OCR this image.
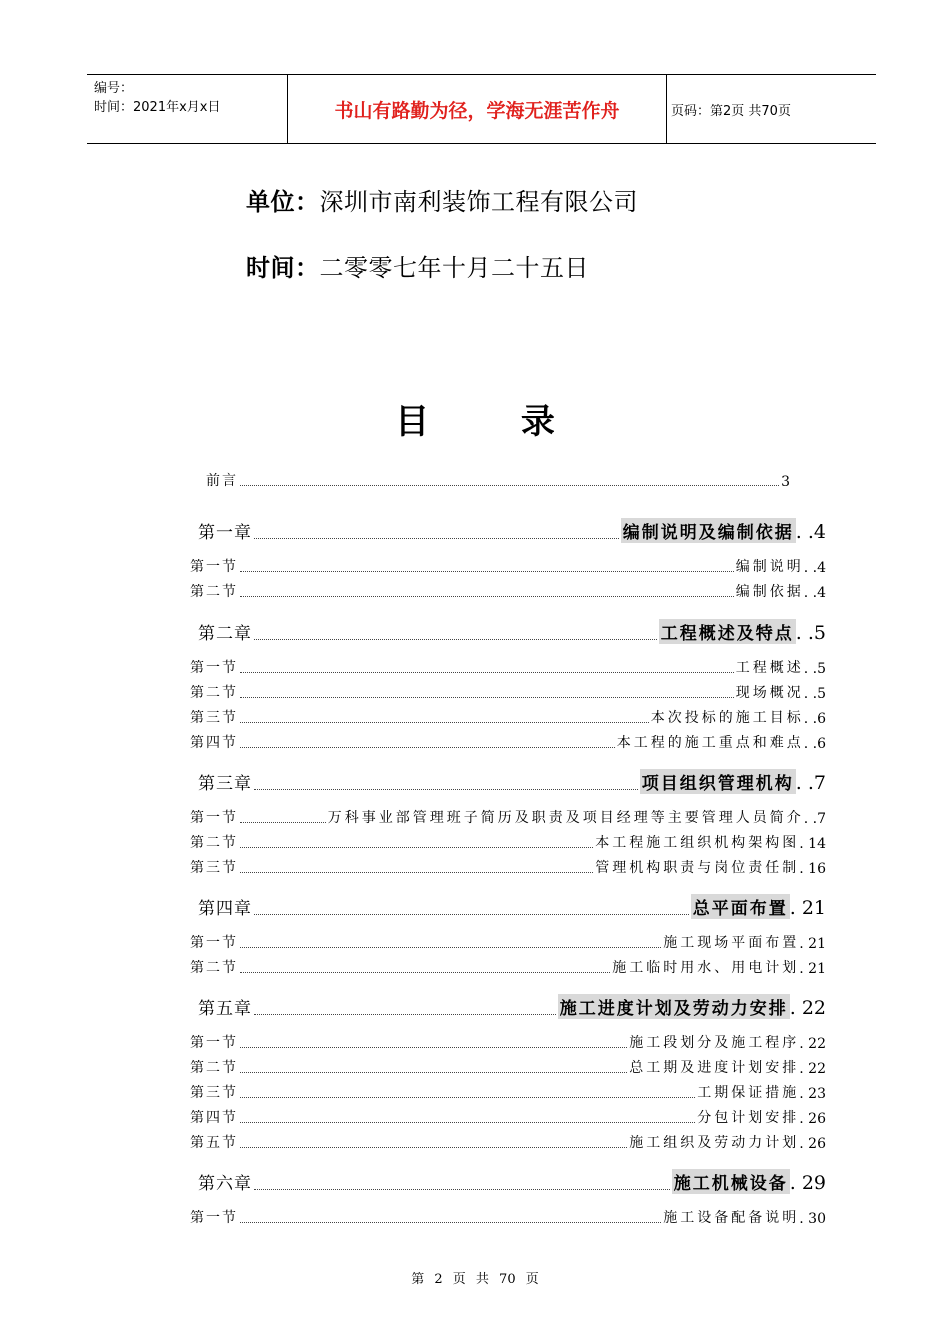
编号：
时间：2021年x月x日	书山有路勤为径，学海无涯苦作舟	页码：第2页 共70页
单位：深圳市南利装饰工程有限公司
时间：二零零七年十月二十五日
目 录
前言	3
第一章	编制说明及编制依据 . .4
第一节	编制说明 . .4
第二节	编制依据 . .4
第二章	工程概述及特点 . .5
第一节	工程概述 . .5
第二节	现场概况 . .5
第三节	本次投标的施工目标 . .6
第四节	本工程的施工重点和难点 . .6
第三章	项目组织管理机构 . .7
第一节	万科事业部管理班子简历及职责及项目经理等主要管理人员简介 . .7
第二节	本工程施工组织机构架构图 . 14
第三节	管理机构职责与岗位责任制 . 16
第四章	总平面布置 . 21
第一节	施工现场平面布置 . 21
第二节	施工临时用水、用电计划 . 21
第五章	施工进度计划及劳动力安排 . 22
第一节	施工段划分及施工程序 . 22
第二节	总工期及进度计划安排 . 22
第三节	工期保证措施 . 23
第四节	分包计划安排 . 26
第五节	施工组织及劳动力计划 . 26
第六章	施工机械设备 . 29
第一节	施工设备配备说明 . 30
第 2 页 共 70 页
